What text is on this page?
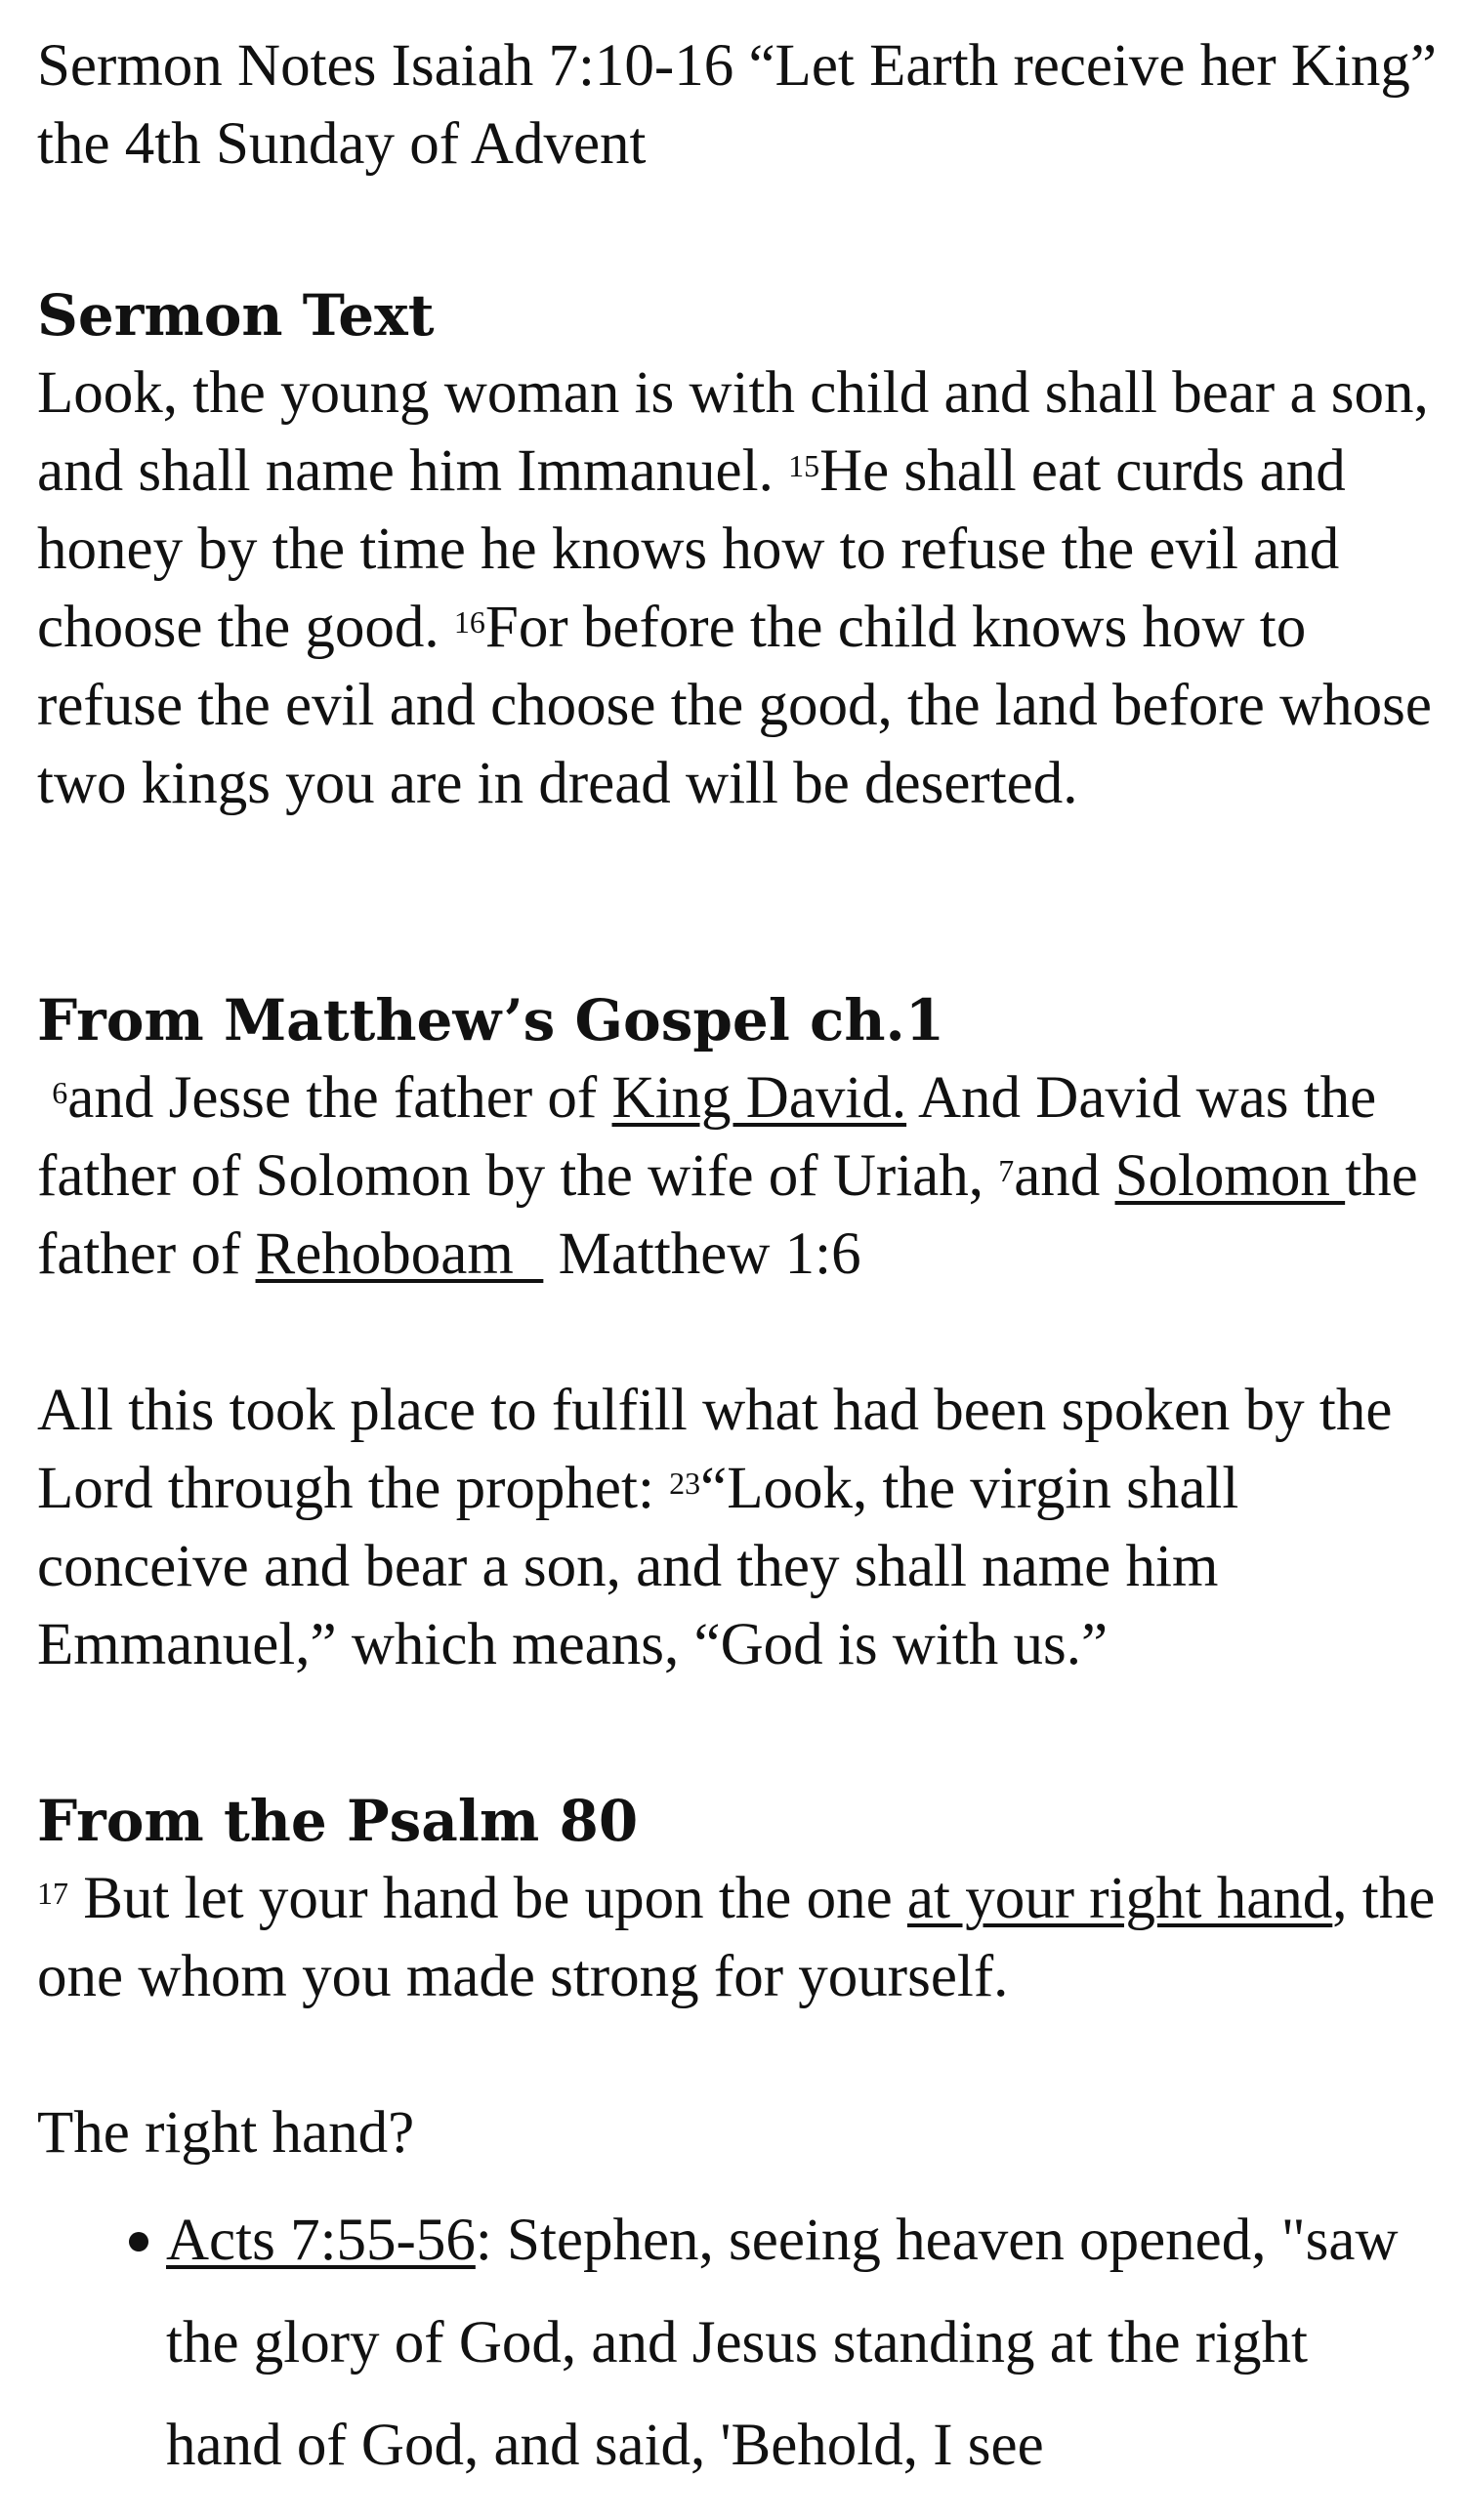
Sermon Notes Isaiah 7:10-16 “Let Earth receive her King” the 4th Sunday of Advent

Sermon Text

Look, the young woman is with child and shall bear a son, and shall name him Immanuel. $^{15}$He shall eat curds and honey by the time he knows how to refuse the evil and choose the good. $^{16}$For before the child knows how to refuse the evil and choose the good, the land before whose two kings you are in dread will be deserted.

From Matthew’s Gospel ch.1

$^6$and Jesse the father of King David. And David was the father of Solomon by the wife of Uriah, $^7$and Solomon the father of Rehoboam   Matthew 1:6

All this took place to fulfill what had been spoken by the Lord through the prophet: $^{23}$“Look, the virgin shall conceive and bear a son, and they shall name him Emmanuel,” which means, “God is with us.”

From the Psalm 80

$^{17}$ But let your hand be upon the one at your right hand, the one whom you made strong for yourself.

The right hand?

Acts 7:55-56: Stephen, seeing heaven opened, "saw the glory of God, and Jesus standing at the right hand of God, and said, 'Behold, I see
